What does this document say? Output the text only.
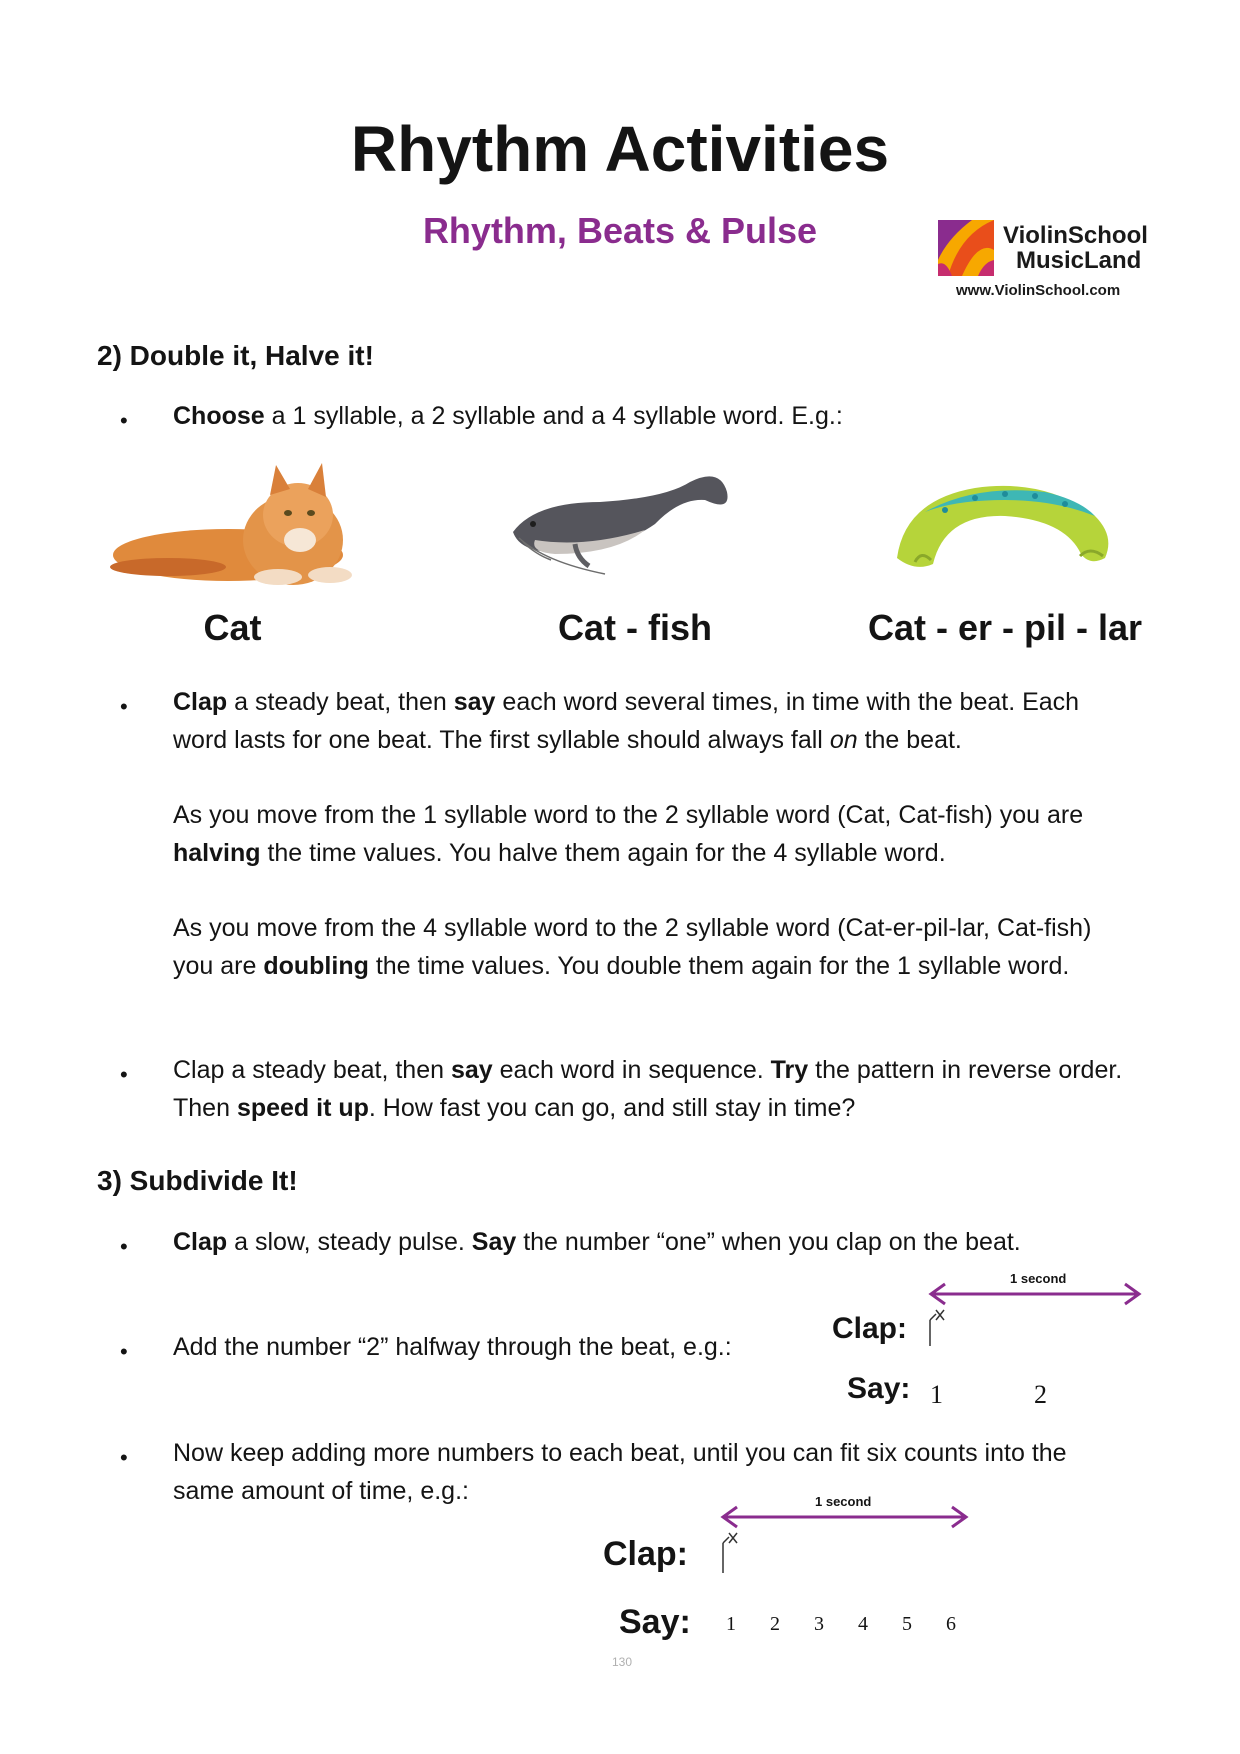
Rhythm Activities
Rhythm, Beats & Pulse	ViolinSchool
MusicLand
www.ViolinSchool.com
2) Double it, Halve it!
• Choose a 1 syllable, a 2 syllable and a 4 syllable word. E.g.:
Cat	Cat - fish	Cat - er - pil - lar
• Clap a steady beat, then say each word several times, in time with the beat. Each word lasts for one beat. The first syllable should always fall on the beat.
As you move from the 1 syllable word to the 2 syllable word (Cat, Cat-fish) you are halving the time values. You halve them again for the 4 syllable word.
As you move from the 4 syllable word to the 2 syllable word (Cat-er-pil-lar, Cat-fish) you are doubling the time values. You double them again for the 1 syllable word.
• Clap a steady beat, then say each word in sequence. Try the pattern in reverse order. Then speed it up. How fast you can go, and still stay in time?
3) Subdivide It!
• Clap a slow, steady pulse. Say the number “one” when you clap on the beat.
• Add the number “2” halfway through the beat, e.g.:
1 second
Clap:
Say: 1	2
• Now keep adding more numbers to each beat, until you can fit six counts into the same amount of time, e.g.:	1 second
Clap:
Say: 1 2 3 4 5 6
130
